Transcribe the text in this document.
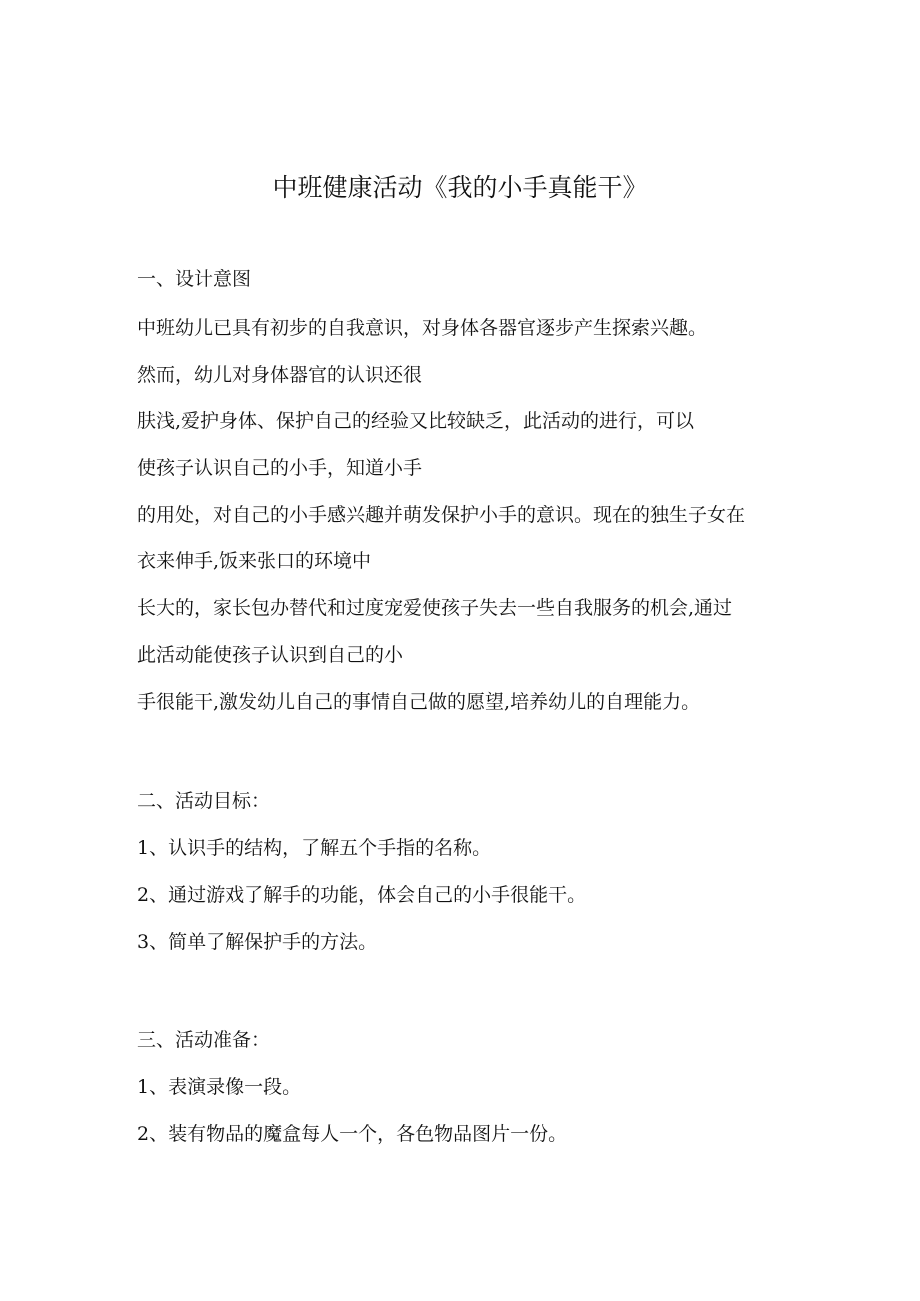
中班健康活动《我的小手真能干》
一、设计意图
中班幼儿已具有初步的自我意识，对身体各器官逐步产生探索兴趣。
然而，幼儿对身体器官的认识还很
肤浅,爱护身体、保护自己的经验又比较缺乏，此活动的进行，可以
使孩子认识自己的小手，知道小手
的用处，对自己的小手感兴趣并萌发保护小手的意识。现在的独生子女在
衣来伸手,饭来张口的环境中
长大的，家长包办替代和过度宠爱使孩子失去一些自我服务的机会,通过
此活动能使孩子认识到自己的小
手很能干,激发幼儿自己的事情自己做的愿望,培养幼儿的自理能力。
二、活动目标：
1、认识手的结构，了解五个手指的名称。
2、通过游戏了解手的功能，体会自己的小手很能干。
3、简单了解保护手的方法。
三、活动准备：
1、表演录像一段。
2、装有物品的魔盒每人一个，各色物品图片一份。
